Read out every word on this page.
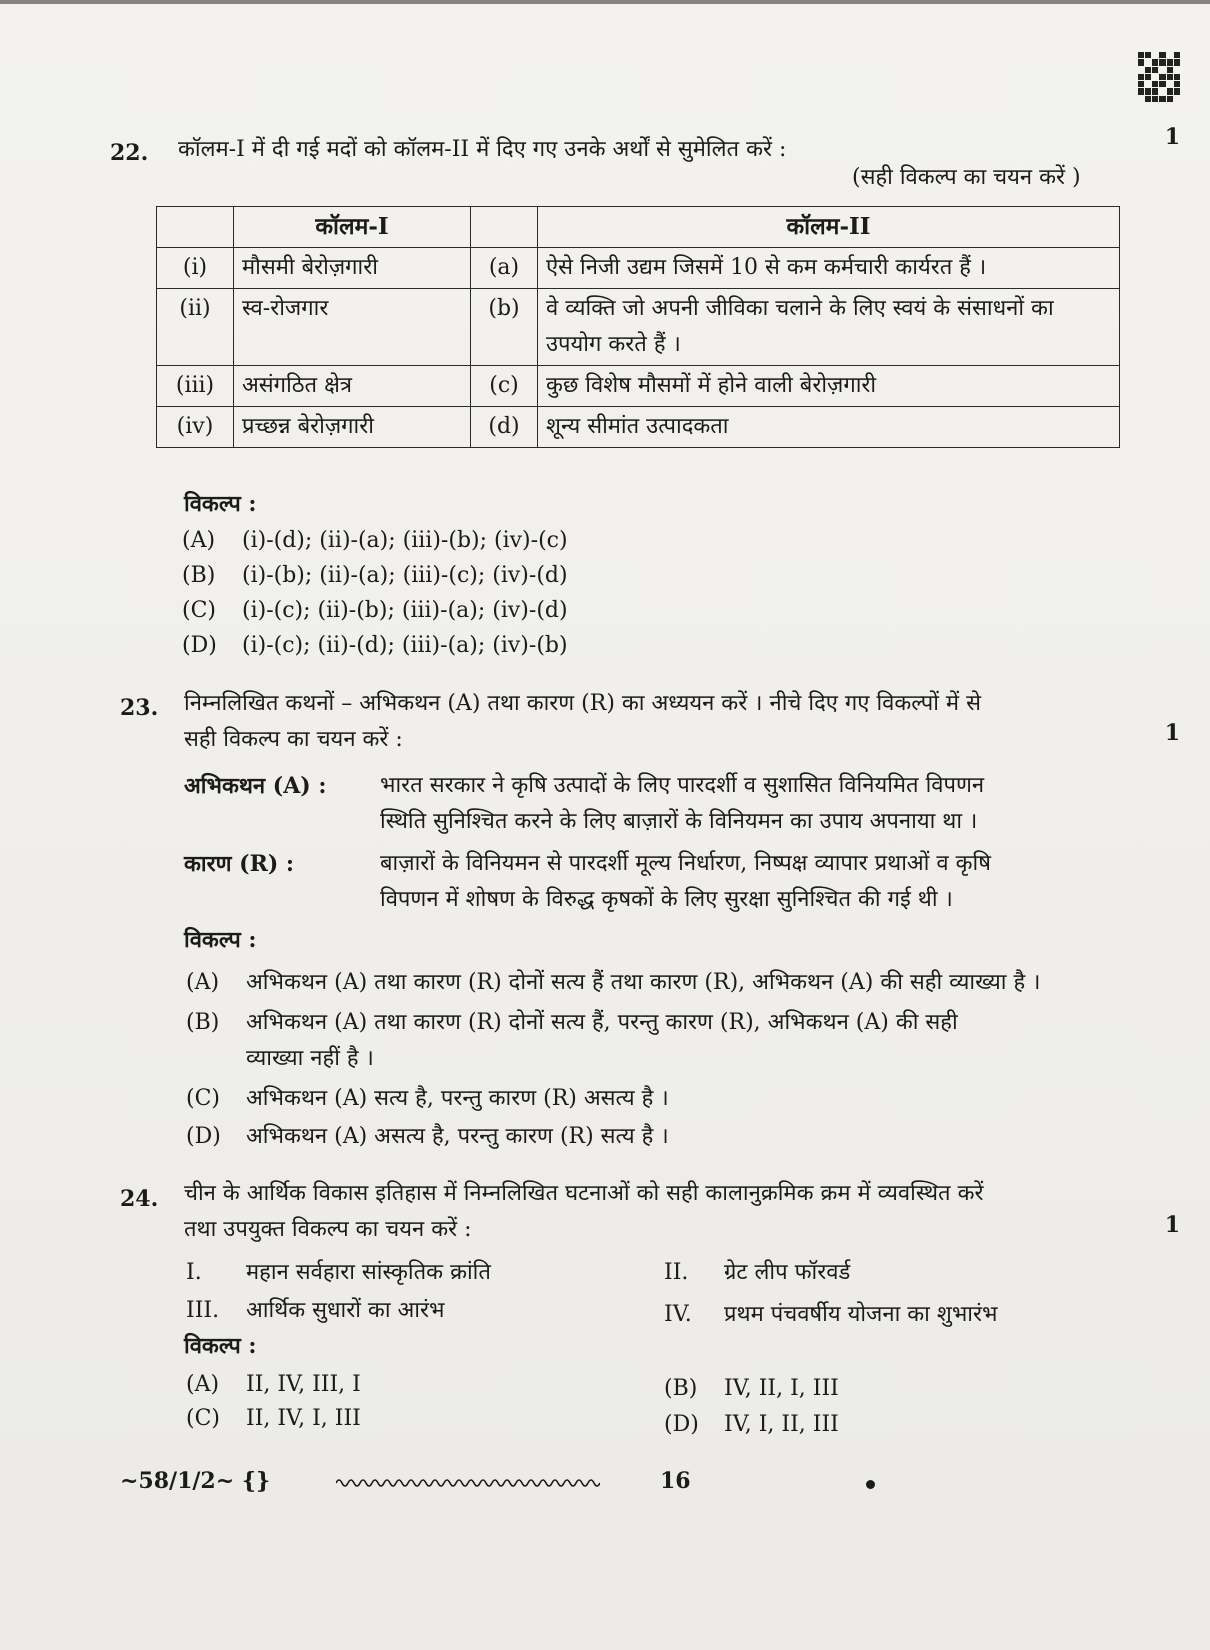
22. कॉलम-I में दी गई मदों को कॉलम-II में दिए गए उनके अर्थों से सुमेलित करें :	1
(सही विकल्प का चयन करें )
	कॉलम-I		कॉलम-II
(i)	मौसमी बेरोज़गारी	(a)	ऐसे निजी उद्यम जिसमें 10 से कम कर्मचारी कार्यरत हैं ।
(ii)	स्व-रोजगार	(b)	वे व्यक्ति जो अपनी जीविका चलाने के लिए स्वयं के संसाधनों का उपयोग करते हैं ।
(iii)	असंगठित क्षेत्र	(c)	कुछ विशेष मौसमों में होने वाली बेरोज़गारी
(iv)	प्रच्छन्न बेरोज़गारी	(d)	शून्य सीमांत उत्पादकता
विकल्प :
(A) (i)-(d); (ii)-(a); (iii)-(b); (iv)-(c)
(B) (i)-(b); (ii)-(a); (iii)-(c); (iv)-(d)
(C) (i)-(c); (ii)-(b); (iii)-(a); (iv)-(d)
(D) (i)-(c); (ii)-(d); (iii)-(a); (iv)-(b)
23. निम्नलिखित कथनों – अभिकथन (A) तथा कारण (R) का अध्ययन करें । नीचे दिए गए विकल्पों में से
सही विकल्प का चयन करें :	1
अभिकथन (A) : भारत सरकार ने कृषि उत्पादों के लिए पारदर्शी व सुशासित विनियमित विपणन
स्थिति सुनिश्चित करने के लिए बाज़ारों के विनियमन का उपाय अपनाया था ।
कारण (R) :	बाज़ारों के विनियमन से पारदर्शी मूल्य निर्धारण, निष्पक्ष व्यापार प्रथाओं व कृषि
विपणन में शोषण के विरुद्ध कृषकों के लिए सुरक्षा सुनिश्चित की गई थी ।
विकल्प :
(A) अभिकथन (A) तथा कारण (R) दोनों सत्य हैं तथा कारण (R), अभिकथन (A) की सही व्याख्या है ।
(B) अभिकथन (A) तथा कारण (R) दोनों सत्य हैं, परन्तु कारण (R), अभिकथन (A) की सही
व्याख्या नहीं है ।
(C) अभिकथन (A) सत्य है, परन्तु कारण (R) असत्य है ।
(D) अभिकथन (A) असत्य है, परन्तु कारण (R) सत्य है ।
24. चीन के आर्थिक विकास इतिहास में निम्नलिखित घटनाओं को सही कालानुक्रमिक क्रम में व्यवस्थित करें
तथा उपयुक्त विकल्प का चयन करें :	1
I. महान सर्वहारा सांस्कृतिक क्रांति	II. ग्रेट लीप फॉरवर्ड
III. आर्थिक सुधारों का आरंभ	IV. प्रथम पंचवर्षीय योजना का शुभारंभ
विकल्प :
(A) II, IV, III, I	(B) IV, II, I, III
(C) II, IV, I, III	(D) IV, I, II, III
~58/1/2~ {}	16
